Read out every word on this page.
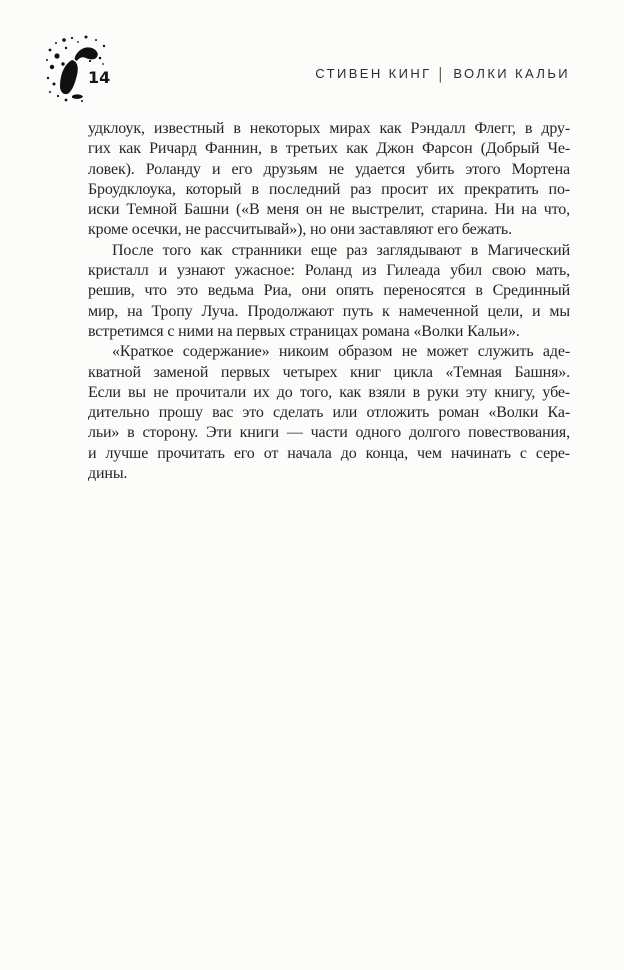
14	СТИВЕН КИНГ | ВОЛКИ КАЛЬИ
удклоук, известный в некоторых мирах как Рэндалл Флегг, в дру-
гих как Ричард Фаннин, в третьих как Джон Фарсон (Добрый Че-
ловек). Роланду и его друзьям не удается убить этого Мортена
Броудклоука, который в последний раз просит их прекратить по-
иски Темной Башни («В меня он не выстрелит, старина. Ни на что,
кроме осечки, не рассчитывай»), но они заставляют его бежать.
После того как странники еще раз заглядывают в Магический
кристалл и узнают ужасное: Роланд из Гилеада убил свою мать,
решив, что это ведьма Риа, они опять переносятся в Срединный
мир, на Тропу Луча. Продолжают путь к намеченной цели, и мы
встретимся с ними на первых страницах романа «Волки Кальи».
«Краткое содержание» никоим образом не может служить аде-
кватной заменой первых четырех книг цикла «Темная Башня».
Если вы не прочитали их до того, как взяли в руки эту книгу, убе-
дительно прошу вас это сделать или отложить роман «Волки Ка-
льи» в сторону. Эти книги — части одного долгого повествования,
и лучше прочитать его от начала до конца, чем начинать с сере-
дины.
